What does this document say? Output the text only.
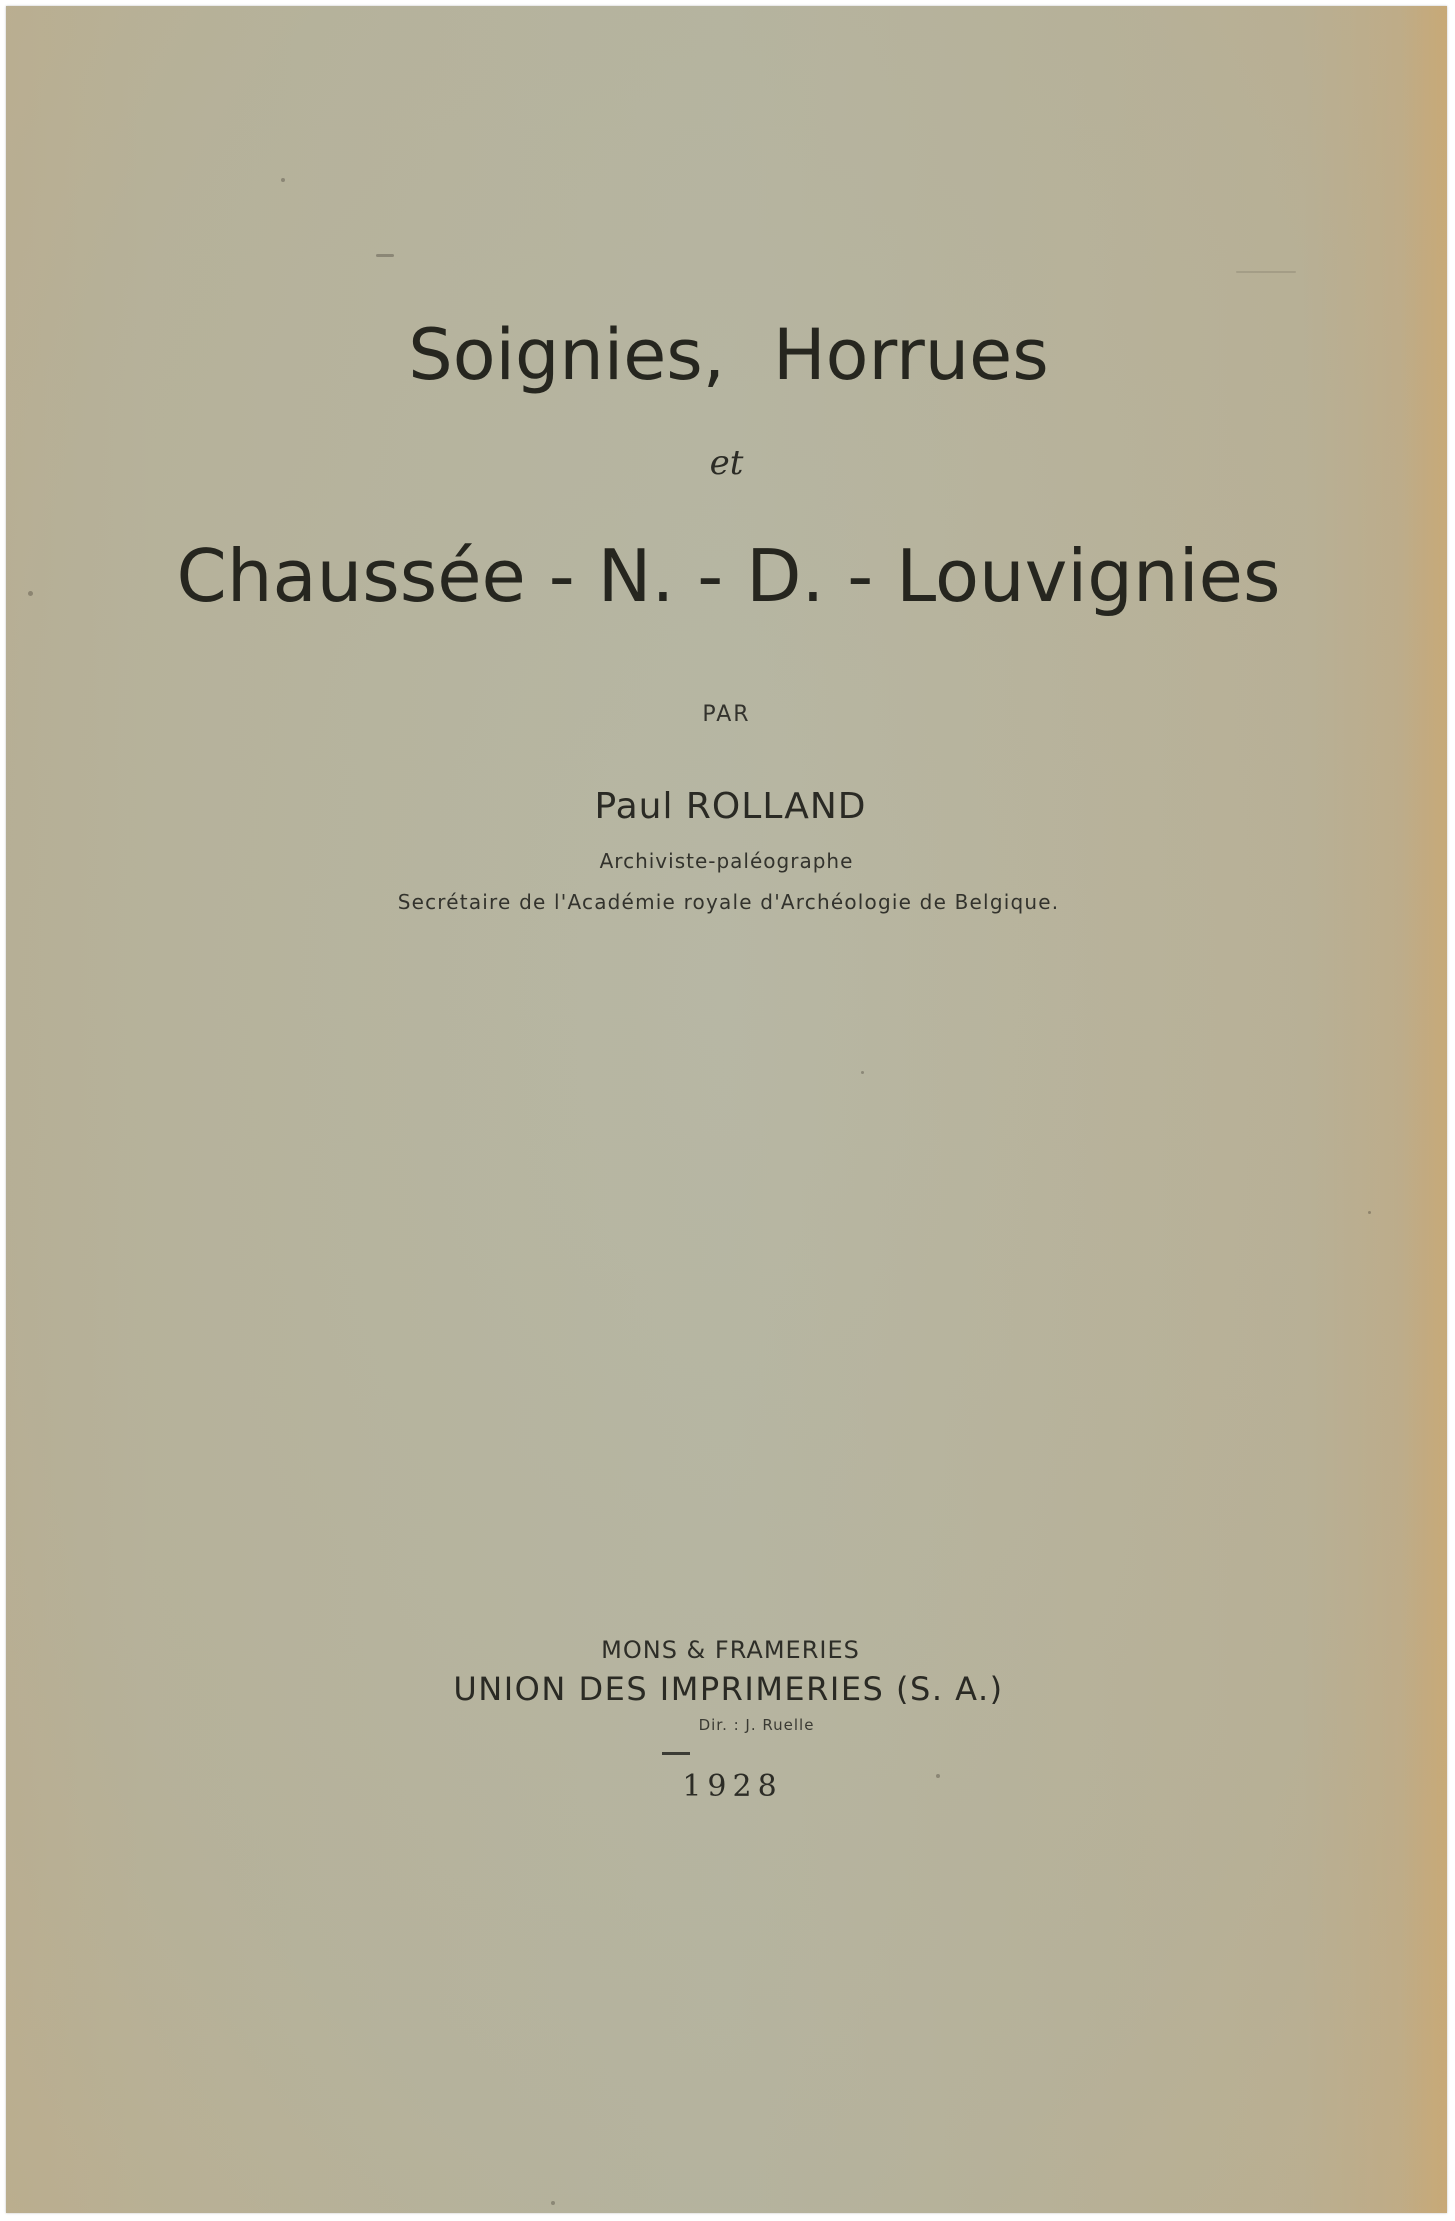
Soignies, Horrues
et
Chaussée - N. - D. - Louvignies
PAR
Paul ROLLAND
Archiviste-paléographe
Secrétaire de l'Académie royale d'Archéologie de Belgique.
MONS & FRAMERIES
UNION DES IMPRIMERIES (S. A.)
Dir. : J. Ruelle
1928
